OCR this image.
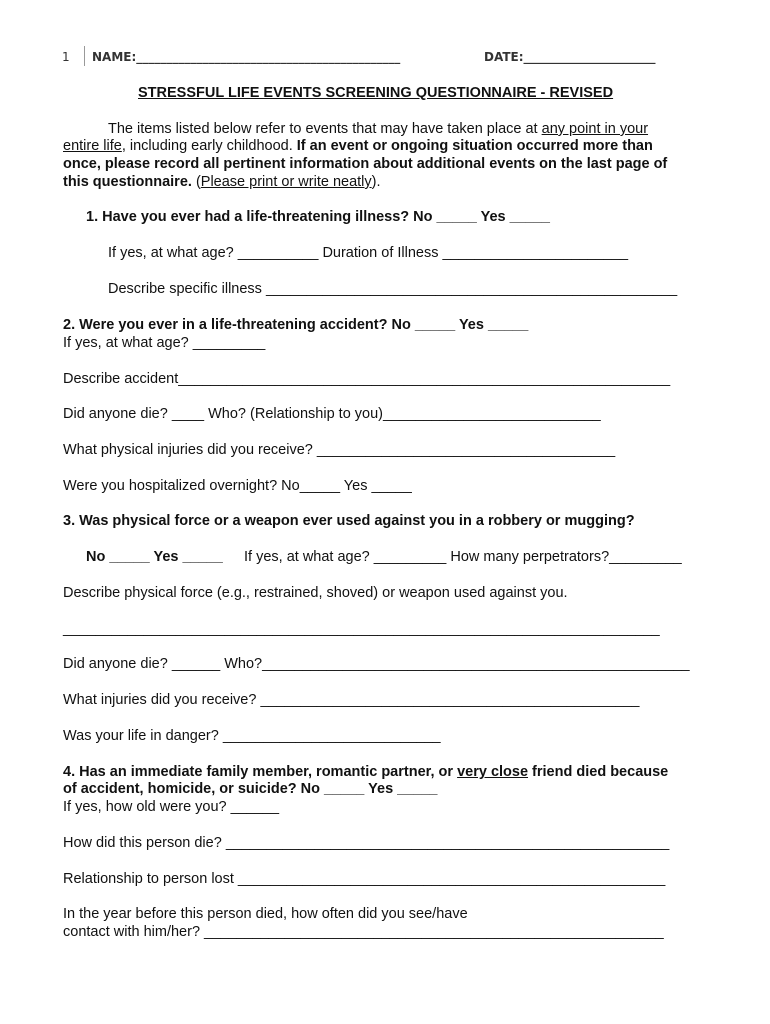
1 NAME:____________________________________________	DATE:______________________
STRESSFUL LIFE EVENTS SCREENING QUESTIONNAIRE - REVISED
The items listed below refer to events that may have taken place at any point in your
entire life, including early childhood. If an event or ongoing situation occurred more than
once, please record all pertinent information about additional events on the last page of
this questionnaire. (Please print or write neatly).
1. Have you ever had a life-threatening illness? No _____ Yes _____
If yes, at what age? __________ Duration of Illness _______________________
Describe specific illness ___________________________________________________
2. Were you ever in a life-threatening accident? No _____ Yes _____
If yes, at what age? _________
Describe accident_____________________________________________________________
Did anyone die? ____ Who? (Relationship to you)___________________________
What physical injuries did you receive? _____________________________________
Were you hospitalized overnight? No_____ Yes _____
3. Was physical force or a weapon ever used against you in a robbery or mugging?
No _____ Yes _____ If yes, at what age? _________ How many perpetrators?_________
Describe physical force (e.g., restrained, shoved) or weapon used against you.
__________________________________________________________________________
Did anyone die? ______ Who?_____________________________________________________
What injuries did you receive? _______________________________________________
Was your life in danger? ___________________________
4. Has an immediate family member, romantic partner, or very close friend died because
of accident, homicide, or suicide? No _____ Yes _____
If yes, how old were you? ______
How did this person die? _______________________________________________________
Relationship to person lost _____________________________________________________
In the year before this person died, how often did you see/have
contact with him/her? _________________________________________________________
